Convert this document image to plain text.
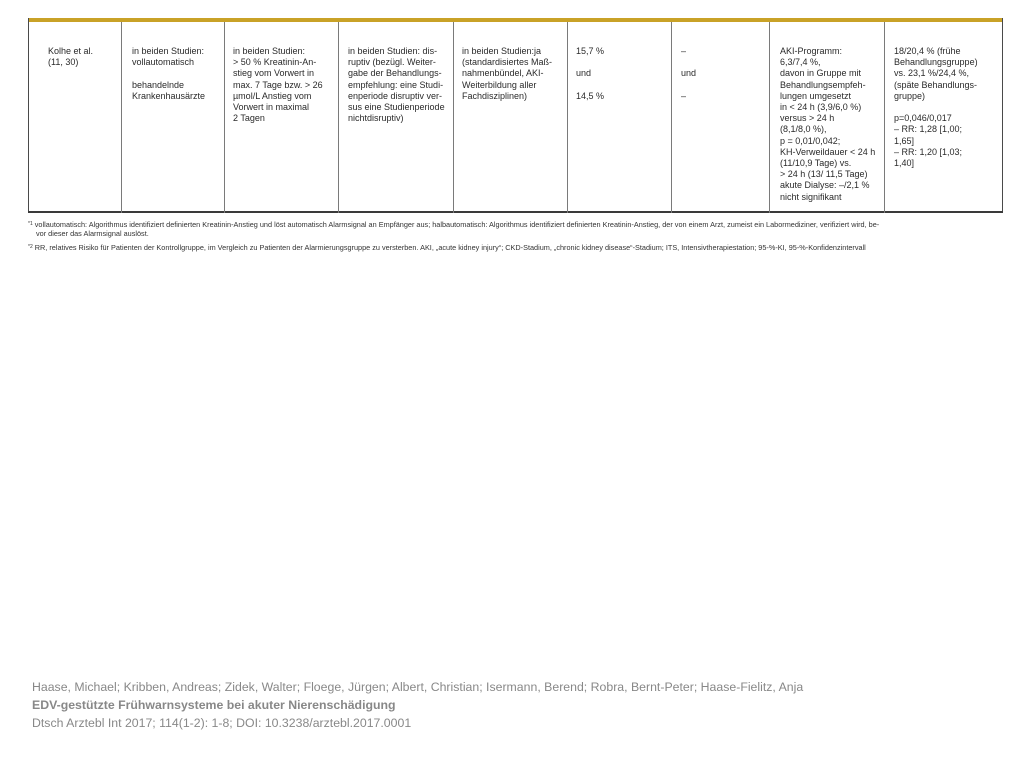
Kolhe et al.
(11, 30)
in beiden Studien:
vollautomatisch

behandelnde
Krankenhausärzte
in beiden Studien:
> 50 % Kreatinin-An-
stieg vom Vorwert in
max. 7 Tage bzw. > 26
µmol/L Anstieg vom
Vorwert in maximal
2 Tagen
in beiden Studien: dis-
ruptiv (bezügl. Weiter-
gabe der Behandlungs-
empfehlung: eine Studi-
enperiode disruptiv ver-
sus eine Studienperiode
nichtdisruptiv)
in beiden Studien:ja
(standardisiertes Maß-
nahmenbündel, AKI-
Weiterbildung aller
Fachdisziplinen)
15,7 %

und

14,5 %
–

und

–
AKI-Programm:
6,3/7,4 %,
davon in Gruppe mit
Behandlungsempfeh-
lungen umgesetzt
in < 24 h (3,9/6,0 %)
versus > 24 h
(8,1/8,0 %),
p = 0,01/0,042;
KH-Verweildauer < 24 h
(11/10,9 Tage) vs.
> 24 h (13/ 11,5 Tage)
akute Dialyse: –/2,1 %
nicht signifikant
18/20,4 % (frühe
Behandlungsgruppe)
vs. 23,1 %/24,4 %,
(späte Behandlungs-
gruppe)

p=0,046/0,017
– RR: 1,28 [1,00;
1,65]
– RR: 1,20 [1,03;
1,40]
$^{*1}$ vollautomatisch: Algorithmus identifiziert definierten Kreatinin-Anstieg und löst automatisch Alarmsignal an Empfänger aus; halbautomatisch: Algorithmus identifiziert definierten Kreatinin-Anstieg, der von einem Arzt, zumeist ein Labormediziner, verifiziert wird, be-
vor dieser das Alarmsignal auslöst.
$^{*2}$ RR, relatives Risiko für Patienten der Kontrollgruppe, im Vergleich zu Patienten der Alarmierungsgruppe zu versterben. AKI, „acute kidney injury“; CKD-Stadium, „chronic kidney disease“-Stadium; ITS, Intensivtherapiestation; 95-%-KI, 95-%-Konfidenzintervall
Haase, Michael; Kribben, Andreas; Zidek, Walter; Floege, Jürgen; Albert, Christian; Isermann, Berend; Robra, Bernt-Peter; Haase-Fielitz, Anja
EDV-gestützte Frühwarnsysteme bei akuter Nierenschädigung
Dtsch Arztebl Int 2017; 114(1-2): 1-8; DOI: 10.3238/arztebl.2017.0001
